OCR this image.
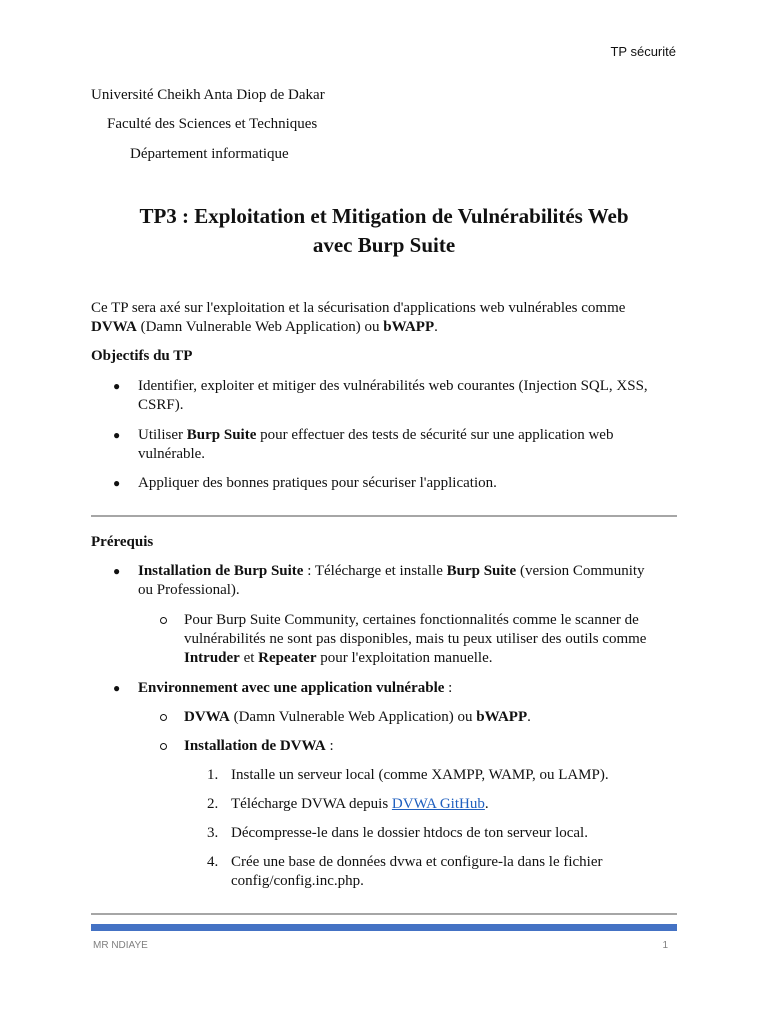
TP sécurité
Université Cheikh Anta Diop de Dakar
Faculté des Sciences et Techniques
Département informatique
TP3 : Exploitation et Mitigation de Vulnérabilités Web
avec Burp Suite
Ce TP sera axé sur l'exploitation et la sécurisation d'applications web vulnérables comme
DVWA (Damn Vulnerable Web Application) ou bWAPP.
Objectifs du TP
● Identifier, exploiter et mitiger des vulnérabilités web courantes (Injection SQL, XSS,
CSRF).
● Utiliser Burp Suite pour effectuer des tests de sécurité sur une application web
vulnérable.
● Appliquer des bonnes pratiques pour sécuriser l'application.
Prérequis
● Installation de Burp Suite : Télécharge et installe Burp Suite (version Community
ou Professional).
Pour Burp Suite Community, certaines fonctionnalités comme le scanner de
vulnérabilités ne sont pas disponibles, mais tu peux utiliser des outils comme
Intruder et Repeater pour l'exploitation manuelle.
● Environnement avec une application vulnérable :
DVWA (Damn Vulnerable Web Application) ou bWAPP.
Installation de DVWA :
1. Installe un serveur local (comme XAMPP, WAMP, ou LAMP).
2. Télécharge DVWA depuis DVWA GitHub.
3. Décompresse-le dans le dossier htdocs de ton serveur local.
4. Crée une base de données dvwa et configure-la dans le fichier
config/config.inc.php.
MR NDIAYE	1
